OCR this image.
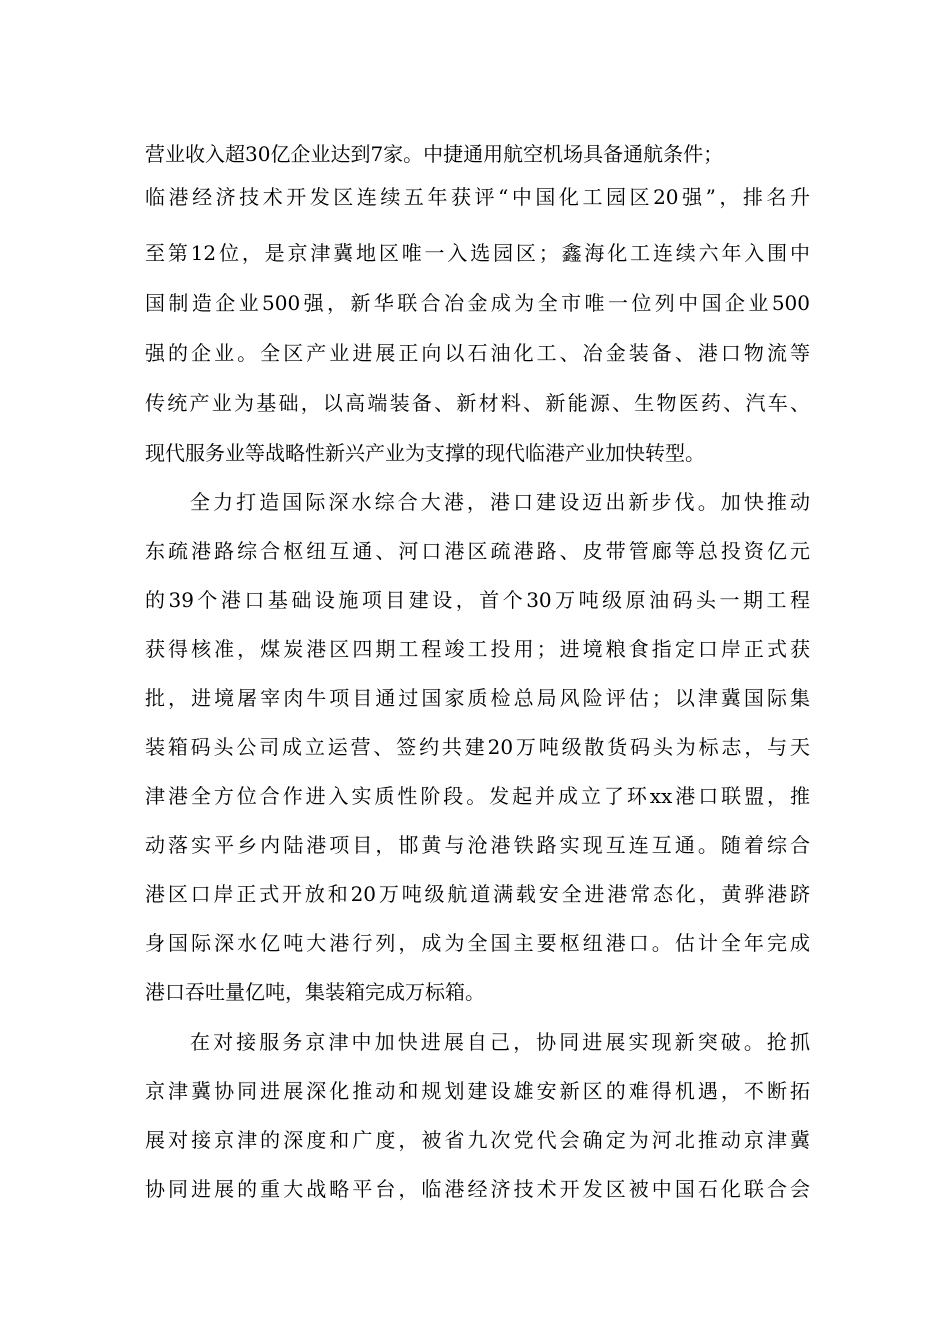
营业收入超30亿企业达到7家。中捷通用航空机场具备通航条件；
临港经济技术开发区连续五年获评“中国化工园区20强”，排名升
至第12位，是京津冀地区唯一入选园区；鑫海化工连续六年入围中
国制造企业500强，新华联合冶金成为全市唯一位列中国企业500
强的企业。全区产业进展正向以石油化工、冶金装备、港口物流等
传统产业为基础，以高端装备、新材料、新能源、生物医药、汽车、
现代服务业等战略性新兴产业为支撑的现代临港产业加快转型。
全力打造国际深水综合大港，港口建设迈出新步伐。加快推动
东疏港路综合枢纽互通、河口港区疏港路、皮带管廊等总投资亿元
的39个港口基础设施项目建设，首个30万吨级原油码头一期工程
获得核准，煤炭港区四期工程竣工投用；进境粮食指定口岸正式获
批，进境屠宰肉牛项目通过国家质检总局风险评估；以津冀国际集
装箱码头公司成立运营、签约共建20万吨级散货码头为标志，与天
津港全方位合作进入实质性阶段。发起并成立了环xx港口联盟，推
动落实平乡内陆港项目，邯黄与沧港铁路实现互连互通。随着综合
港区口岸正式开放和20万吨级航道满载安全进港常态化，黄骅港跻
身国际深水亿吨大港行列，成为全国主要枢纽港口。估计全年完成
港口吞吐量亿吨，集装箱完成万标箱。
在对接服务京津中加快进展自己，协同进展实现新突破。抢抓
京津冀协同进展深化推动和规划建设雄安新区的难得机遇，不断拓
展对接京津的深度和广度，被省九次党代会确定为河北推动京津冀
协同进展的重大战略平台，临港经济技术开发区被中国石化联合会
